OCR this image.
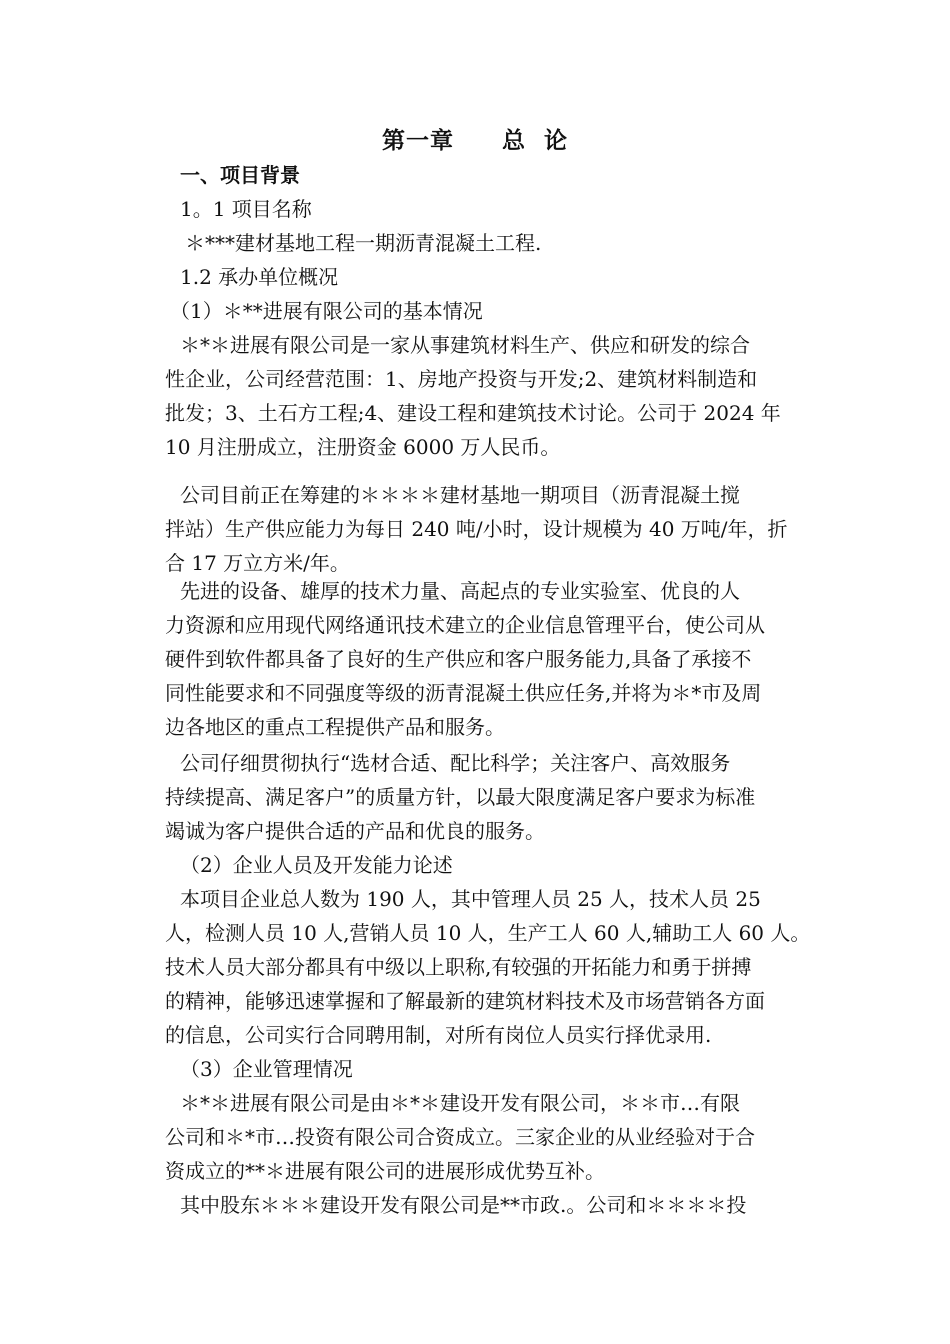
第一章 总  论
一、项目背景
1。1 项目名称
＊***建材基地工程一期沥青混凝土工程.
1.2 承办单位概况
（1）＊**进展有限公司的基本情况
＊*＊进展有限公司是一家从事建筑材料生产、供应和研发的综合
性企业，公司经营范围：1、房地产投资与开发;2、建筑材料制造和
批发；3、土石方工程;4、建设工程和建筑技术讨论。公司于 2024 年
10 月注册成立，注册资金 6000 万人民币。
公司目前正在筹建的＊＊＊＊建材基地一期项目（沥青混凝土搅
拌站）生产供应能力为每日 240 吨/小时，设计规模为 40 万吨/年，折
合 17 万立方米/年。
先进的设备、雄厚的技术力量、高起点的专业实验室、优良的人
力资源和应用现代网络通讯技术建立的企业信息管理平台，使公司从
硬件到软件都具备了良好的生产供应和客户服务能力,具备了承接不
同性能要求和不同强度等级的沥青混凝土供应任务,并将为＊*市及周
边各地区的重点工程提供产品和服务。
公司仔细贯彻执行“选材合适、配比科学；关注客户、高效服务
持续提高、满足客户”的质量方针，以最大限度满足客户要求为标准
竭诚为客户提供合适的产品和优良的服务。
（2）企业人员及开发能力论述
本项目企业总人数为 190 人，其中管理人员 25 人，技术人员 25
人，检测人员 10 人,营销人员 10 人，生产工人 60 人,辅助工人 60 人。
技术人员大部分都具有中级以上职称,有较强的开拓能力和勇于拼搏
的精神，能够迅速掌握和了解最新的建筑材料技术及市场营销各方面
的信息，公司实行合同聘用制，对所有岗位人员实行择优录用.
（3）企业管理情况
＊*＊进展有限公司是由＊*＊建设开发有限公司，＊＊市…有限
公司和＊*市…投资有限公司合资成立。三家企业的从业经验对于合
资成立的**＊进展有限公司的进展形成优势互补。
其中股东＊＊＊建设开发有限公司是**市政.。公司和＊＊＊＊投
